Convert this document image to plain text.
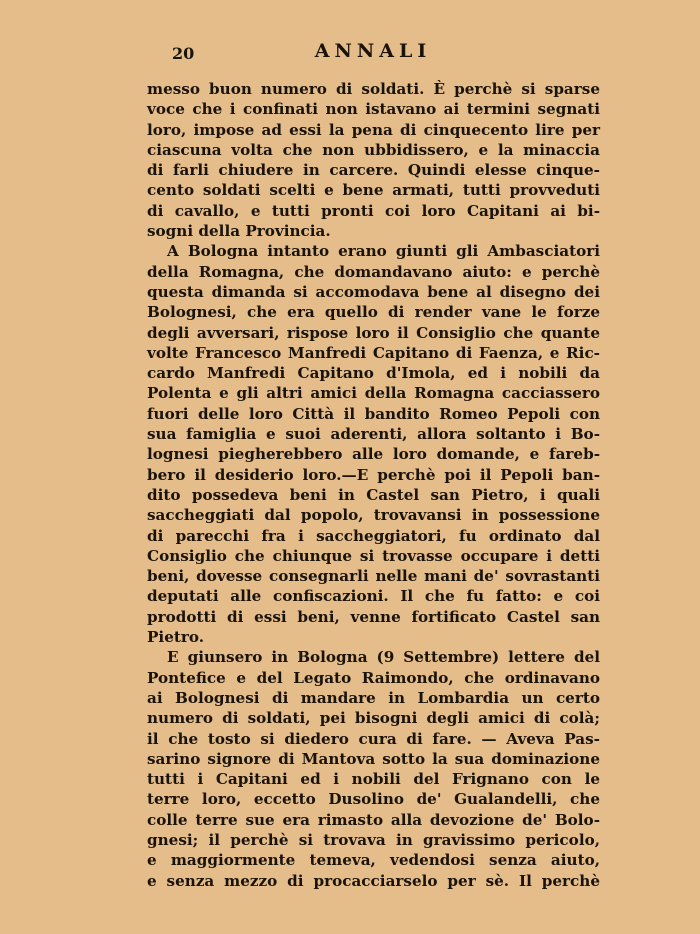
20	ANNALI
messo buon numero di soldati. È perchè si sparse
voce che i confinati non istavano ai termini segnati
loro, impose ad essi la pena di cinquecento lire per
ciascuna volta che non ubbidissero, e la minaccia
di farli chiudere in carcere. Quindi elesse cinque-
cento soldati scelti e bene armati, tutti provveduti
di cavallo, e tutti pronti coi loro Capitani ai bi-
sogni della Provincia.
A Bologna intanto erano giunti gli Ambasciatori
della Romagna, che domandavano aiuto: e perchè
questa dimanda si accomodava bene al disegno dei
Bolognesi, che era quello di render vane le forze
degli avversari, rispose loro il Consiglio che quante
volte Francesco Manfredi Capitano di Faenza, e Ric-
cardo Manfredi Capitano d'Imola, ed i nobili da
Polenta e gli altri amici della Romagna cacciassero
fuori delle loro Città il bandito Romeo Pepoli con
sua famiglia e suoi aderenti, allora soltanto i Bo-
lognesi piegherebbero alle loro domande, e fareb-
bero il desiderio loro.—E perchè poi il Pepoli ban-
dito possedeva beni in Castel san Pietro, i quali
saccheggiati dal popolo, trovavansi in possessione
di parecchi fra i saccheggiatori, fu ordinato dal
Consiglio che chiunque si trovasse occupare i detti
beni, dovesse consegnarli nelle mani de' sovrastanti
deputati alle confiscazioni. Il che fu fatto: e coi
prodotti di essi beni, venne fortificato Castel san
Pietro.
E giunsero in Bologna (9 Settembre) lettere del
Pontefice e del Legato Raimondo, che ordinavano
ai Bolognesi di mandare in Lombardia un certo
numero di soldati, pei bisogni degli amici di colà;
il che tosto si diedero cura di fare. — Aveva Pas-
sarino signore di Mantova sotto la sua dominazione
tutti i Capitani ed i nobili del Frignano con le
terre loro, eccetto Dusolino de' Gualandelli, che
colle terre sue era rimasto alla devozione de' Bolo-
gnesi; il perchè si trovava in gravissimo pericolo,
e maggiormente temeva, vedendosi senza aiuto,
e senza mezzo di procacciarselo per sè. Il perchè
